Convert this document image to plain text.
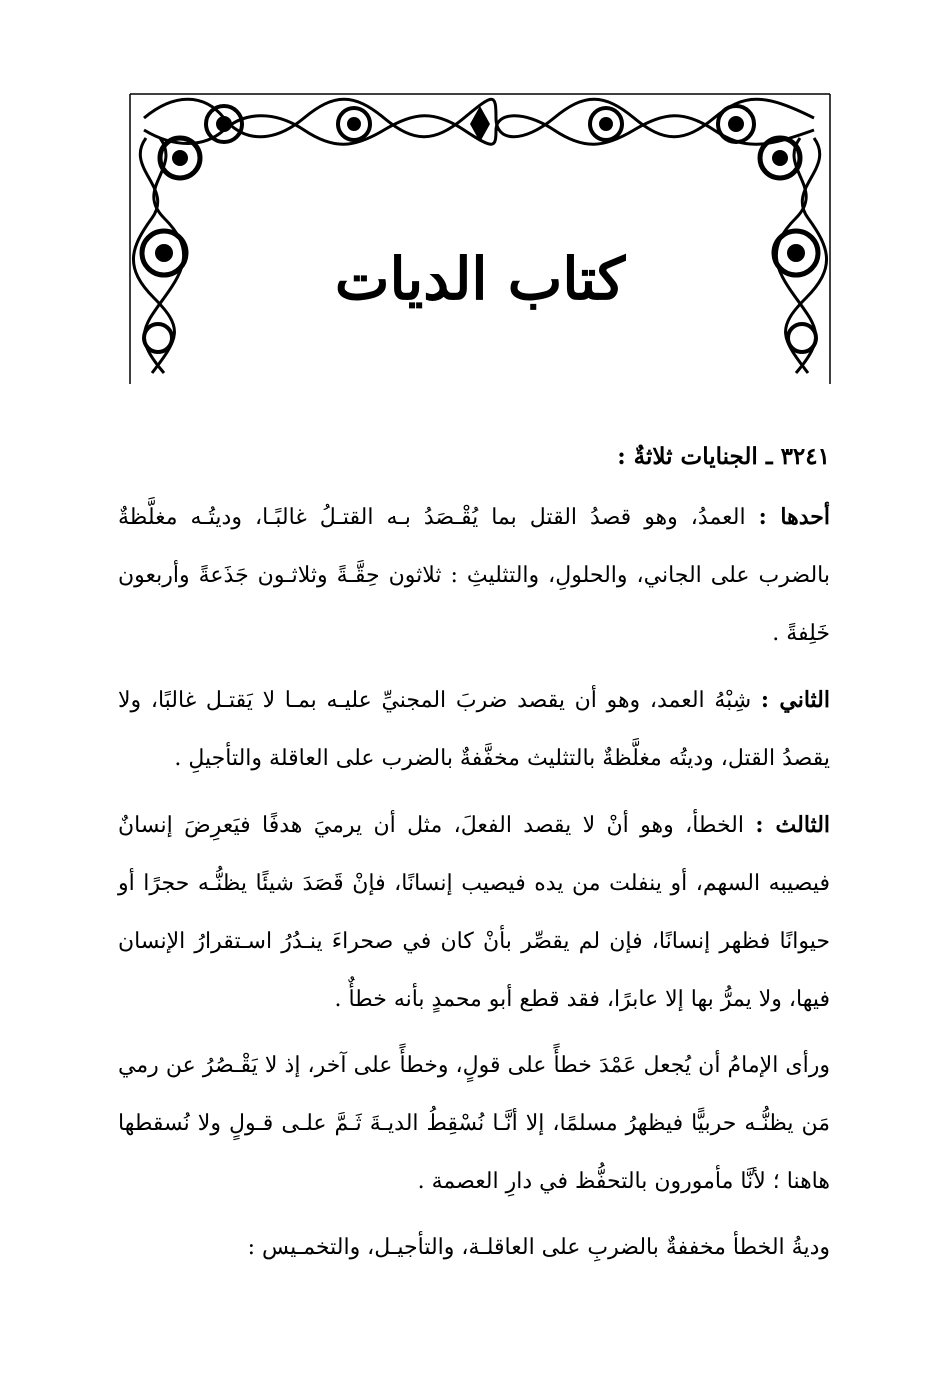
كتاب الديات

٣٢٤١ ـ الجنايات ثلاثةٌ :

أحدها : العمدُ، وهو قصدُ القتل بما يُقْـصَدُ بـه القتـلُ غالبًـا، وديتُـه مغلَّظةٌ بالضرب على الجاني، والحلولِ، والتثليثِ : ثلاثون حِقَّـةً وثلاثـون جَذَعةً وأربعون خَلِفةً .

الثاني : شِبْهُ العمد، وهو أن يقصد ضربَ المجنيِّ عليـه بمـا لا يَقتـل غالبًا، ولا يقصدُ القتل، وديتُه مغلَّظةٌ بالتثليث مخفَّفةٌ بالضرب على العاقلة والتأجيلِ .

الثالث : الخطأ، وهو أنْ لا يقصد الفعلَ، مثل أن يرميَ هدفًا فيَعرِضَ إنسانٌ فيصيبه السهم، أو ينفلت من يده فيصيب إنسانًا، فإنْ قَصَدَ شيئًا يظنُّـه حجرًا أو حيوانًا فظهر إنسانًا، فإن لم يقصِّر بأنْ كان في صحراءَ ينـدُرُ اسـتقرارُ الإنسان فيها، ولا يمرُّ بها إلا عابرًا، فقد قطع أبو محمدٍ بأنه خطأٌ .

ورأى الإمامُ أن يُجعل عَمْدَ خطأً على قولٍ، وخطأً على آخر، إذ لا يَقْـصُرُ عن رمي مَن يظنُّـه حربيًّا فيظهرُ مسلمًا، إلا أنَّـا نُسْقِطُ الديـةَ ثَـمَّ علـى قـولٍ ولا نُسقطها هاهنا ؛ لأنَّا مأمورون بالتحفُّظ في دارِ العصمة .

وديةُ الخطأ مخففةٌ بالضربِ على العاقلـة، والتأجيـل، والتخمـيس :
